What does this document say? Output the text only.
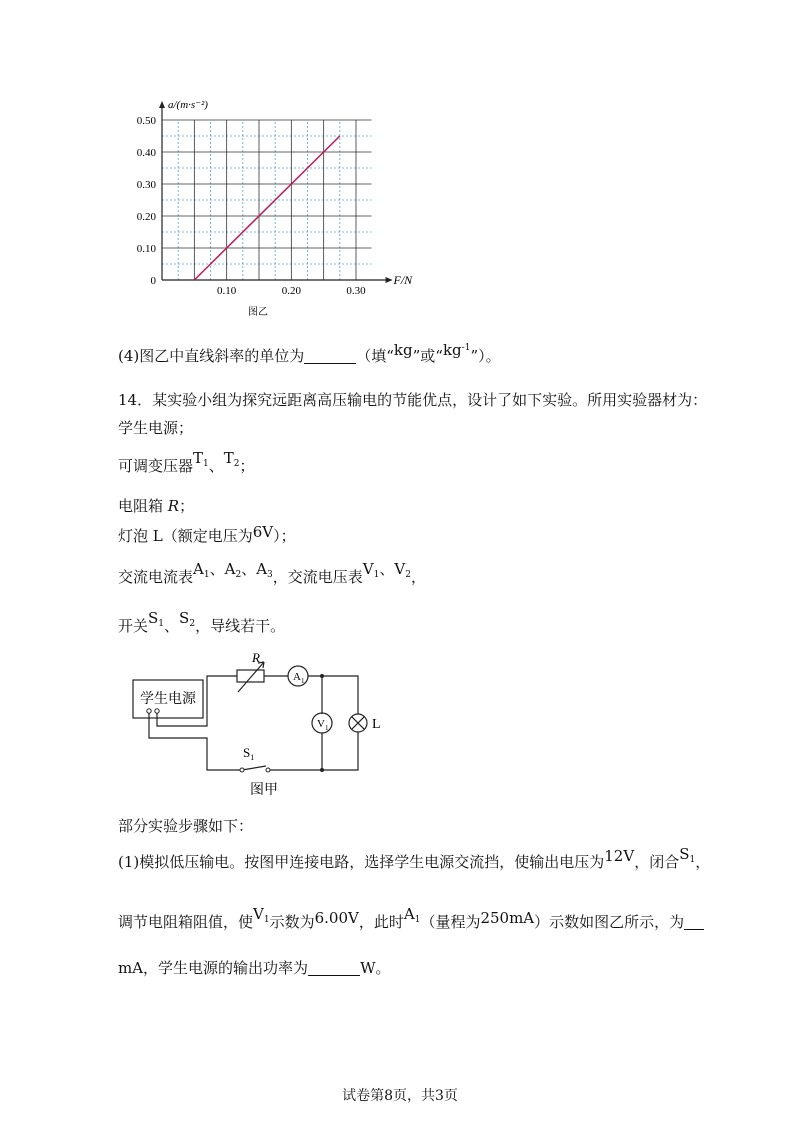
0
0.10
0.20
0.30
0.40
0.50
0.10	0.20	0.30
a/(m·s⁻²)
F/N
图乙
(4)图乙中直线斜率的单位为	（填“kg”或“$kg^{-1}$”）。
14．某实验小组为探究远距离高压输电的节能优点，设计了如下实验。所用实验器材为：
学生电源；
可调变压器$T_1$、$T_2$；
电阻箱 R；
灯泡 L（额定电压为6V）；
交流电流表$A_1$、$A_2$、$A_3$，交流电压表$V_1$、$V_2$，
开关$S_1$、$S_2$，导线若干。
学生电源
R
$A_1$
$V_1$	L
$S_1$
图甲
部分实验步骤如下：
(1)模拟低压输电。按图甲连接电路，选择学生电源交流挡，使输出电压为12V，闭合$S_1$，
调节电阻箱阻值，使$V_1$示数为6.00V，此时$A_1$（量程为250mA）示数如图乙所示，为
mA，学生电源的输出功率为	W。
试卷第8页，共3页
